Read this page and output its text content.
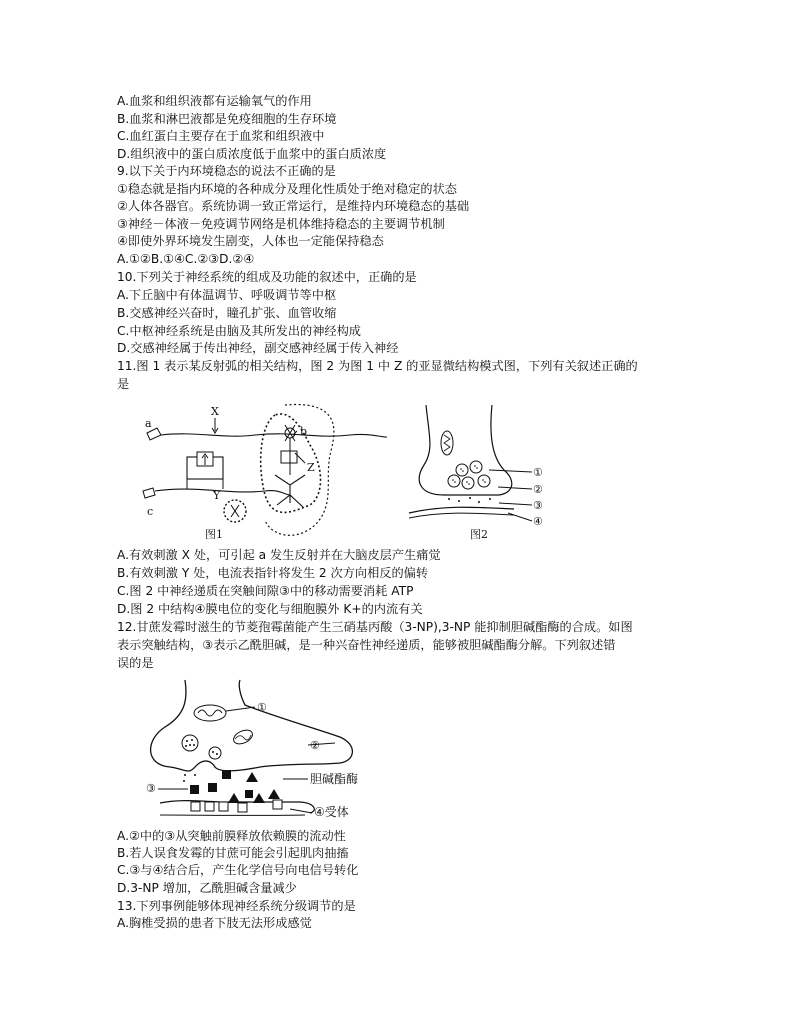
A.血浆和组织液都有运输氧气的作用
B.血浆和淋巴液都是免疫细胞的生存环境
C.血红蛋白主要存在于血浆和组织液中
D.组织液中的蛋白质浓度低于血浆中的蛋白质浓度
9.以下关于内环境稳态的说法不正确的是
①稳态就是指内环境的各种成分及理化性质处于绝对稳定的状态
②人体各器官。系统协调一致正常运行，是维持内环境稳态的基础
③神经－体液－免疫调节网络是机体维持稳态的主要调节机制
④即使外界环境发生剧变，人体也一定能保持稳态
A.①②B.①④C.②③D.②④
10.下列关于神经系统的组成及功能的叙述中，正确的是
A.下丘脑中有体温调节、呼吸调节等中枢
B.交感神经兴奋时，瞳孔扩张、血管收缩
C.中枢神经系统是由脑及其所发出的神经构成
D.交感神经属于传出神经，副交感神经属于传入神经
11.图 1 表示某反射弧的相关结构，图 2 为图 1 中 Z 的亚显微结构模式图，下列有关叙述正确的
是
a
X
b
Z
c
Y
图1
①
②
③
④
图2
A.有效刺激 X 处，可引起 a 发生反射并在大脑皮层产生痛觉
B.有效刺激 Y 处，电流表指针将发生 2 次方向相反的偏转
C.图 2 中神经递质在突触间隙③中的移动需要消耗 ATP
D.图 2 中结构④膜电位的变化与细胞膜外 K+的内流有关
12.甘蔗发霉时滋生的节菱孢霉菌能产生三硝基丙酸（3-NP),3-NP 能抑制胆碱酯酶的合成。如图
表示突触结构，③表示乙酰胆碱，是一种兴奋性神经递质，能够被胆碱酯酶分解。下列叙述错
误的是
①
②
③
胆碱酯酶
④受体
A.②中的③从突触前膜释放依赖膜的流动性
B.若人误食发霉的甘蔗可能会引起肌肉抽搐
C.③与④结合后，产生化学信号向电信号转化
D.3-NP 增加，乙酰胆碱含量减少
13.下列事例能够体现神经系统分级调节的是
A.胸椎受损的患者下肢无法形成感觉
